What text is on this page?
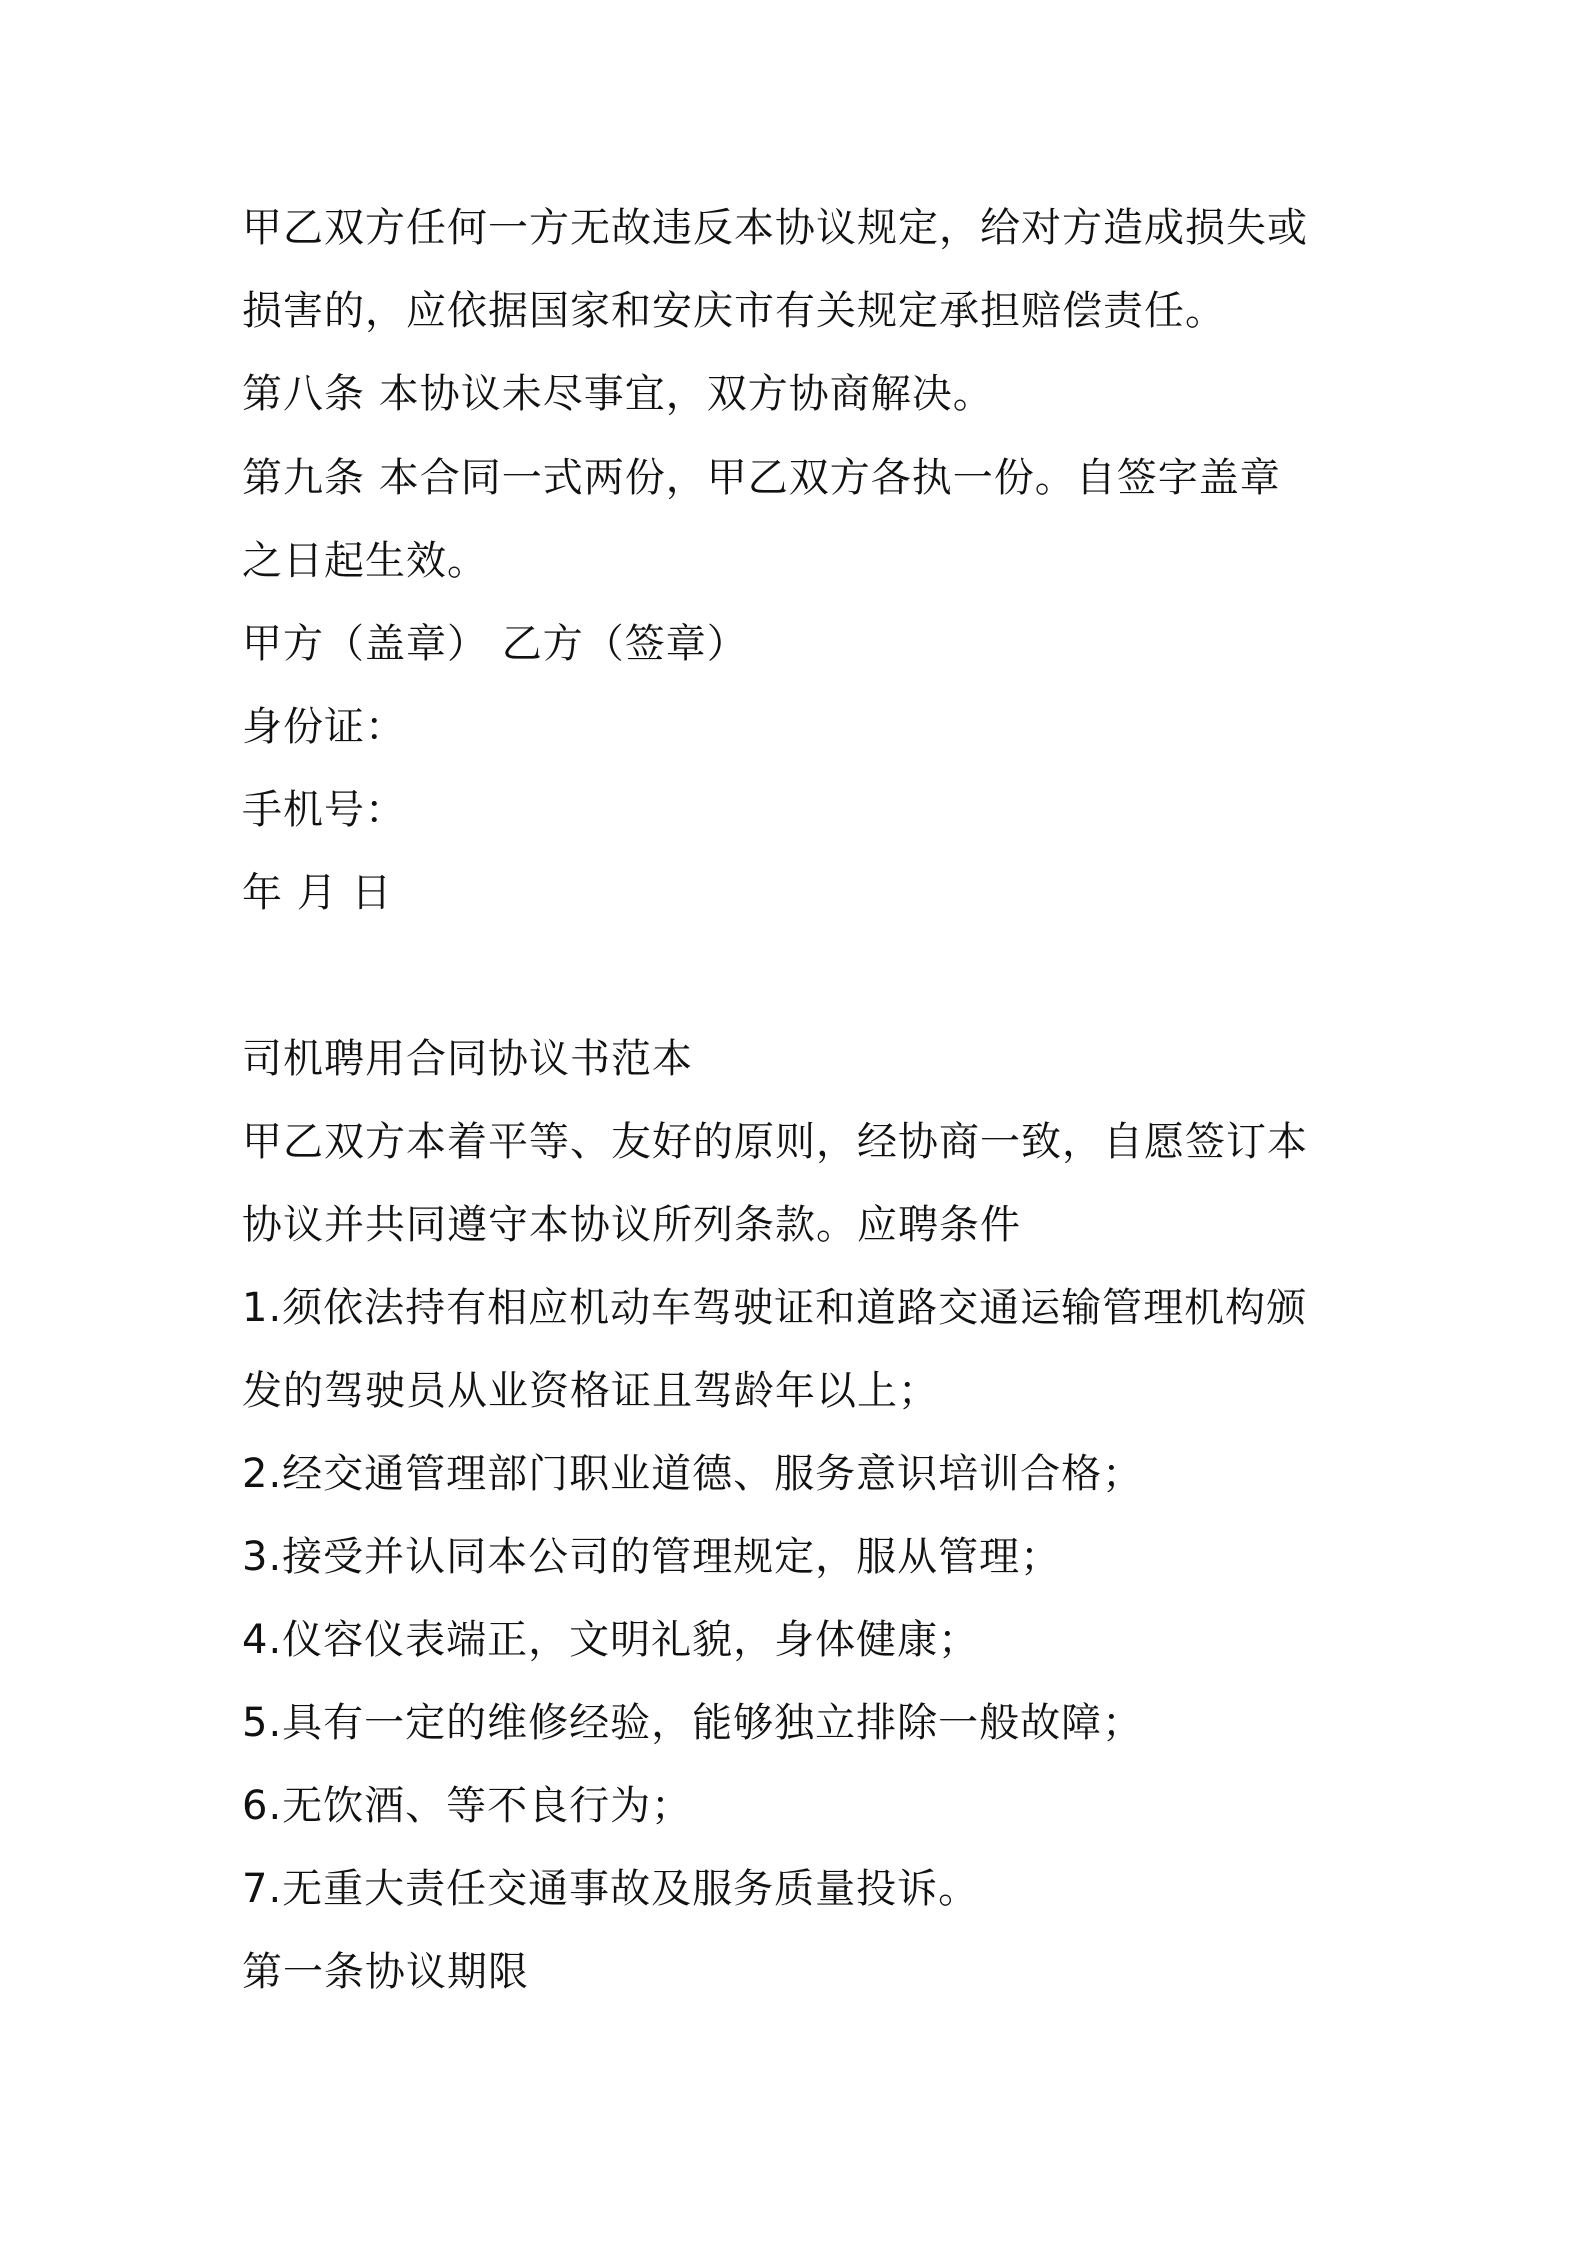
甲乙双方任何一方无故违反本协议规定，给对方造成损失或
损害的，应依据国家和安庆市有关规定承担赔偿责任。
第八条 本协议未尽事宜，双方协商解决。
第九条 本合同一式两份，甲乙双方各执一份。自签字盖章
之日起生效。
甲方（盖章） 乙方（签章）
身份证：
手机号：
年 月 日
司机聘用合同协议书范本
甲乙双方本着平等、友好的原则，经协商一致，自愿签订本
协议并共同遵守本协议所列条款。应聘条件
1.须依法持有相应机动车驾驶证和道路交通运输管理机构颁
发的驾驶员从业资格证且驾龄年以上；
2.经交通管理部门职业道德、服务意识培训合格；
3.接受并认同本公司的管理规定，服从管理；
4.仪容仪表端正，文明礼貌，身体健康；
5.具有一定的维修经验，能够独立排除一般故障；
6.无饮酒、等不良行为；
7.无重大责任交通事故及服务质量投诉。
第一条协议期限
